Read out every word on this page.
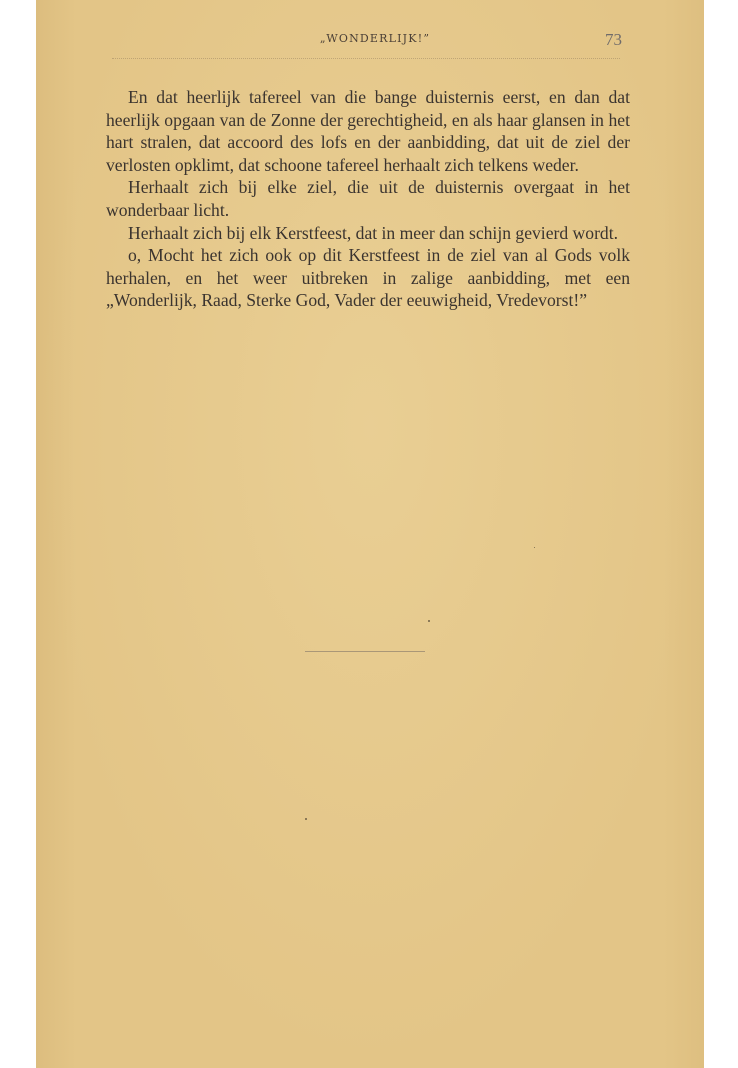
„WONDERLIJK!”	73

En dat heerlijk tafereel van die bange duisternis eerst, en dan dat heerlijk opgaan van de Zonne der gerechtigheid, en als haar glansen in het hart stralen, dat accoord des lofs en der aanbidding, dat uit de ziel der verlosten opklimt, dat schoone tafereel herhaalt zich telkens weder.

Herhaalt zich bij elke ziel, die uit de duisternis overgaat in het wonderbaar licht.

Herhaalt zich bij elk Kerstfeest, dat in meer dan schijn gevierd wordt.

o, Mocht het zich ook op dit Kerstfeest in de ziel van al Gods volk herhalen, en het weer uitbreken in zalige aanbidding, met een „Wonderlijk, Raad, Sterke God, Vader der eeuwigheid, Vredevorst!”
